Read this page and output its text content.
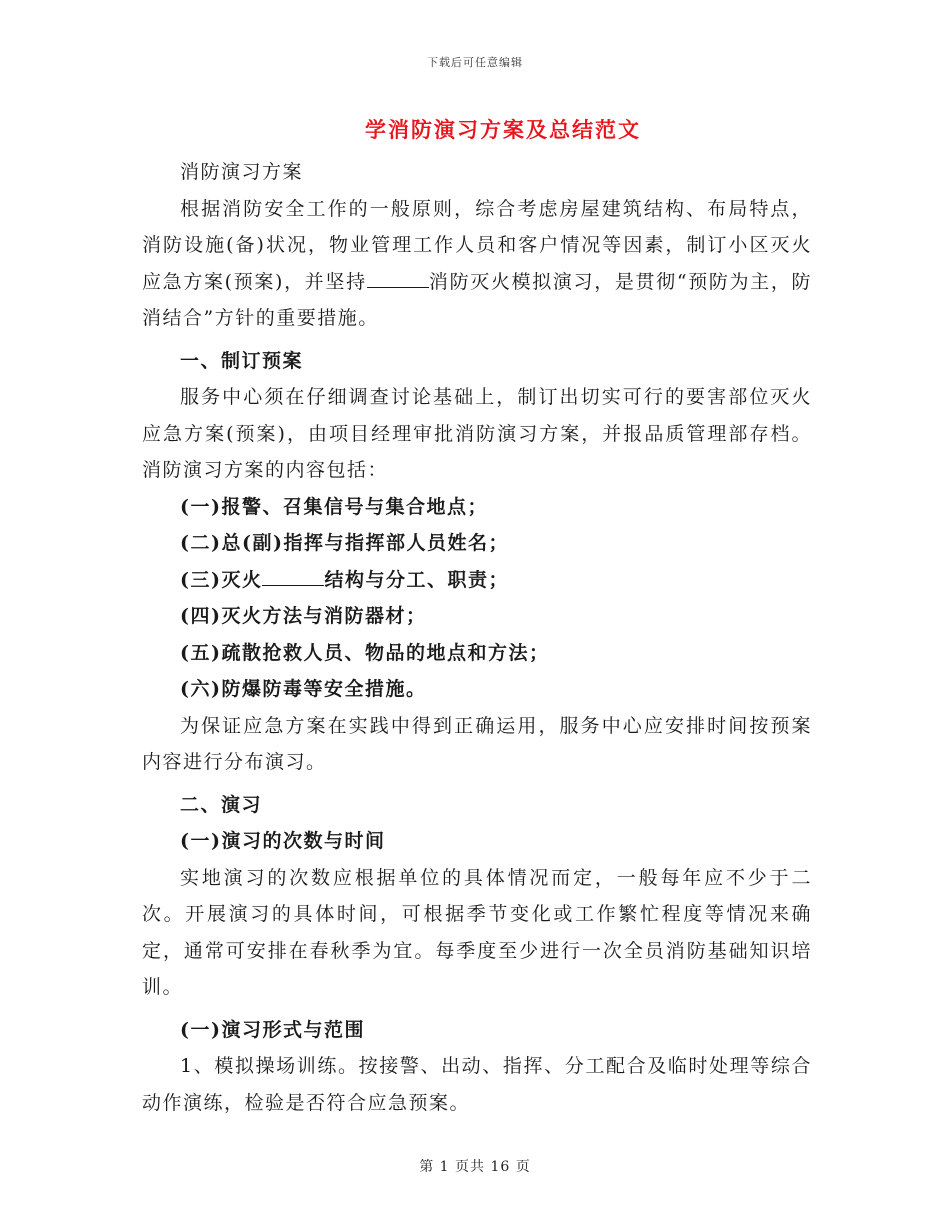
下载后可任意编辑
学消防演习方案及总结范文

消防演习方案

根据消防安全工作的一般原则，综合考虑房屋建筑结构、布局特点，消防设施(备)状况，物业管理工作人员和客户情况等因素，制订小区灭火应急方案(预案)，并坚持	消防灭火模拟演习，是贯彻“预防为主，防消结合”方针的重要措施。

一、制订预案

服务中心须在仔细调查讨论基础上，制订出切实可行的要害部位灭火应急方案(预案)，由项目经理审批消防演习方案，并报品质管理部存档。消防演习方案的内容包括：

(一)报警、召集信号与集合地点；

(二)总(副)指挥与指挥部人员姓名；

(三)灭火	结构与分工、职责；

(四)灭火方法与消防器材；

(五)疏散抢救人员、物品的地点和方法；

(六)防爆防毒等安全措施。

为保证应急方案在实践中得到正确运用，服务中心应安排时间按预案内容进行分布演习。

二、演习

(一)演习的次数与时间

实地演习的次数应根据单位的具体情况而定，一般每年应不少于二次。开展演习的具体时间，可根据季节变化或工作繁忙程度等情况来确定，通常可安排在春秋季为宜。每季度至少进行一次全员消防基础知识培训。

(一)演习形式与范围

1、模拟操场训练。按接警、出动、指挥、分工配合及临时处理等综合动作演练，检验是否符合应急预案。

第 1 页共 16 页
